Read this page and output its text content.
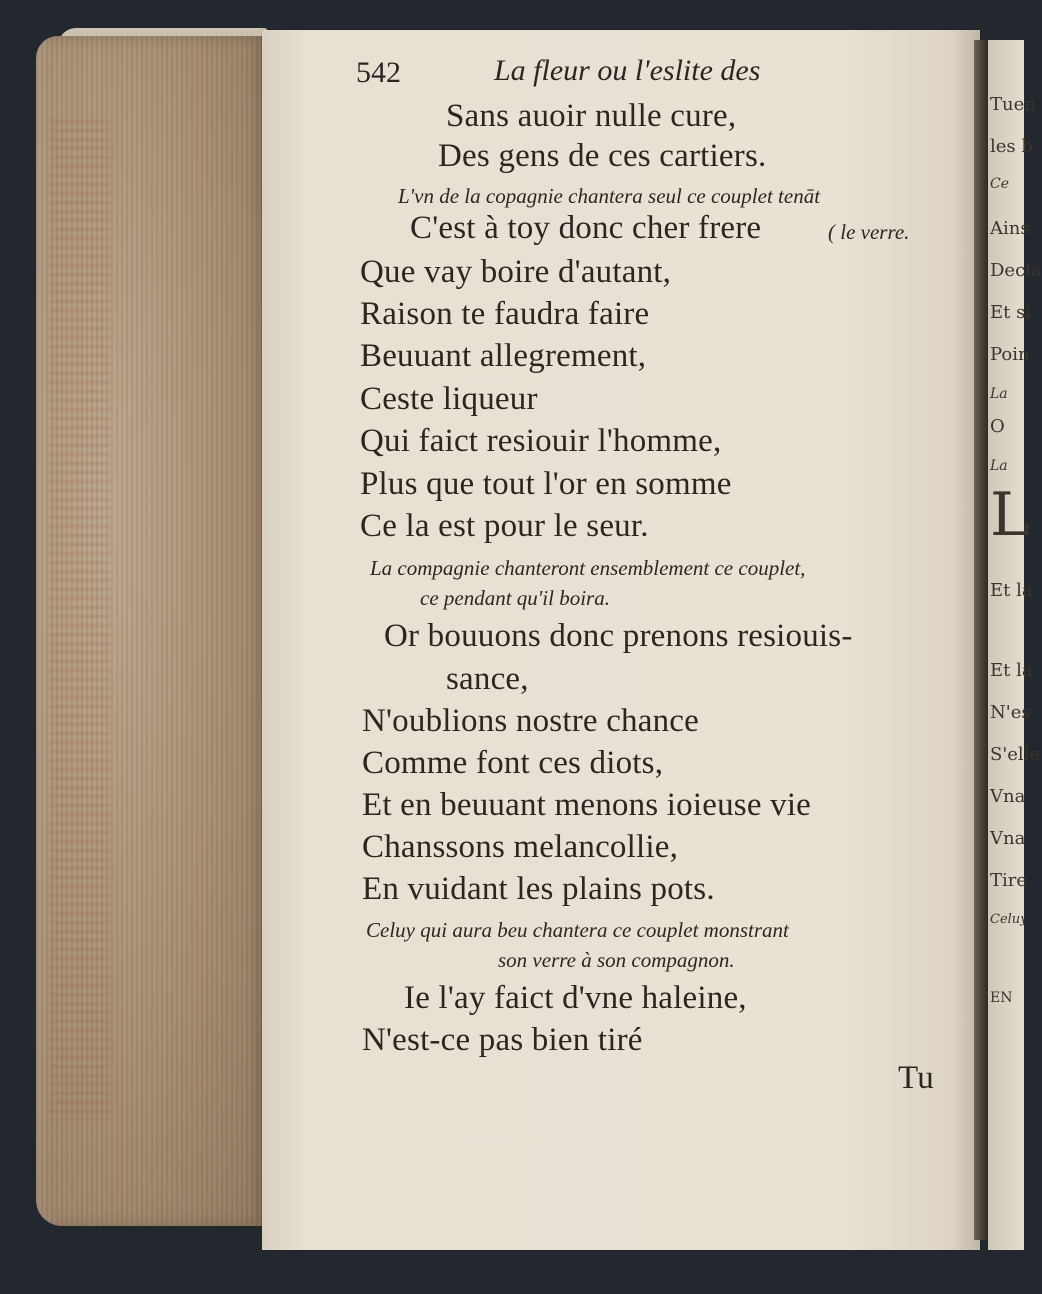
Tuen
les b
Ce
Ains
Decla
Et si
Poin
La
O
La
L
Et la
Et la
N'es
S'elle
Vna
Vna
Tire
Celuy
EN
542	La fleur ou l'eslite des
Sans auoir nulle cure,
Des gens de ces cartiers.
L'vn de la copagnie chantera seul ce couplet tenāt
C'est à toy donc cher frere	( le verre.
Que vay boire d'autant,
Raison te faudra faire
Beuuant allegrement,
Ceste liqueur
Qui faict resiouir l'homme,
Plus que tout l'or en somme
Ce la est pour le seur.
La compagnie chanteront ensemblement ce couplet,
ce pendant qu'il boira.
Or bouuons donc prenons resiouis-
sance,
N'oublions nostre chance
Comme font ces diots,
Et en beuuant menons ioieuse vie
Chanssons melancollie,
En vuidant les plains pots.
Celuy qui aura beu chantera ce couplet monstrant
son verre à son compagnon.
Ie l'ay faict d'vne haleine,
N'est-ce pas bien tiré
Tu
